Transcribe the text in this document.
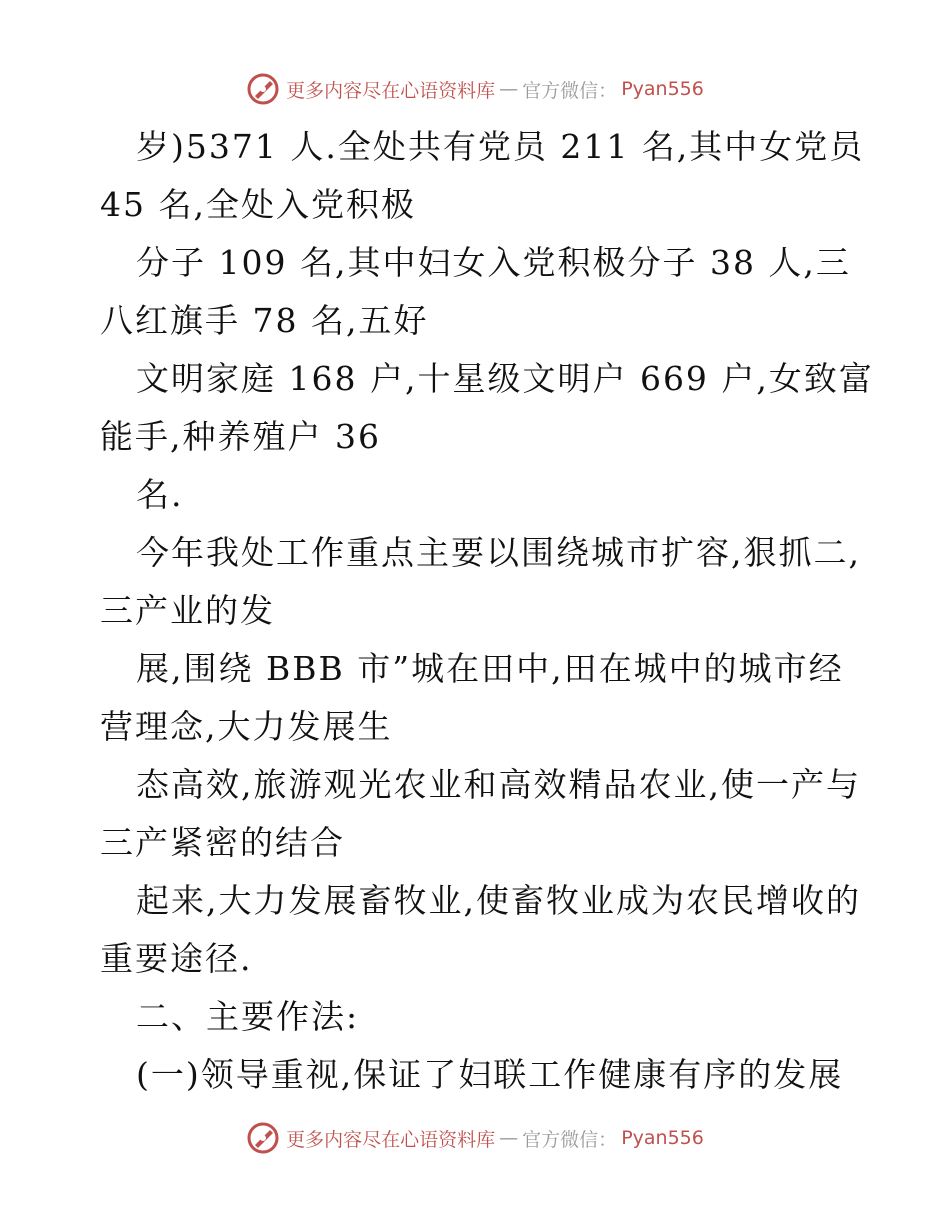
更多内容尽在心语资料库 — 官方微信： Pyan556
岁)5371 人.全处共有党员 211 名,其中女党员
45 名,全处入党积极
分子 109 名,其中妇女入党积极分子 38 人,三
八红旗手 78 名,五好
文明家庭 168 户,十星级文明户 669 户,女致富
能手,种养殖户 36
名.
今年我处工作重点主要以围绕城市扩容,狠抓二,
三产业的发
展,围绕 BBB 市”城在田中,田在城中的城市经
营理念,大力发展生
态高效,旅游观光农业和高效精品农业,使一产与
三产紧密的结合
起来,大力发展畜牧业,使畜牧业成为农民增收的
重要途径.
二、主要作法:
(一)领导重视,保证了妇联工作健康有序的发展
更多内容尽在心语资料库 — 官方微信： Pyan556
